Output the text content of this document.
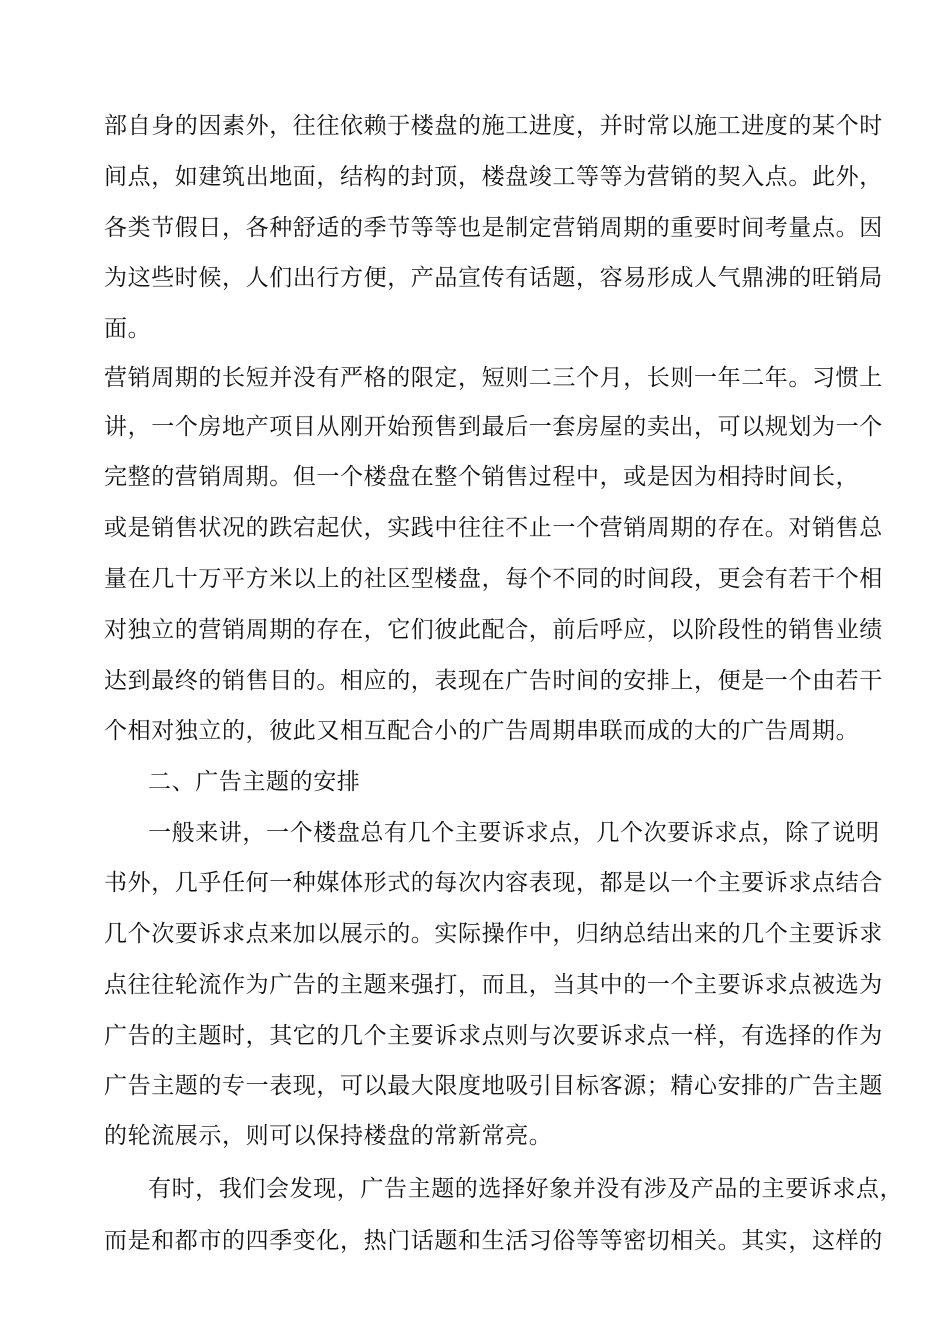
部自身的因素外，往往依赖于楼盘的施工进度，并时常以施工进度的某个时
间点，如建筑出地面，结构的封顶，楼盘竣工等等为营销的契入点。此外，
各类节假日，各种舒适的季节等等也是制定营销周期的重要时间考量点。因
为这些时候，人们出行方便，产品宣传有话题，容易形成人气鼎沸的旺销局
面。
营销周期的长短并没有严格的限定，短则二三个月，长则一年二年。习惯上
讲，一个房地产项目从刚开始预售到最后一套房屋的卖出，可以规划为一个
完整的营销周期。但一个楼盘在整个销售过程中，或是因为相持时间长，
或是销售状况的跌宕起伏，实践中往往不止一个营销周期的存在。对销售总
量在几十万平方米以上的社区型楼盘，每个不同的时间段，更会有若干个相
对独立的营销周期的存在，它们彼此配合，前后呼应，以阶段性的销售业绩
达到最终的销售目的。相应的，表现在广告时间的安排上，便是一个由若干
个相对独立的，彼此又相互配合小的广告周期串联而成的大的广告周期。
二、广告主题的安排
一般来讲，一个楼盘总有几个主要诉求点，几个次要诉求点，除了说明
书外，几乎任何一种媒体形式的每次内容表现，都是以一个主要诉求点结合
几个次要诉求点来加以展示的。实际操作中，归纳总结出来的几个主要诉求
点往往轮流作为广告的主题来强打，而且，当其中的一个主要诉求点被选为
广告的主题时，其它的几个主要诉求点则与次要诉求点一样，有选择的作为
广告主题的专一表现，可以最大限度地吸引目标客源；精心安排的广告主题
的轮流展示，则可以保持楼盘的常新常亮。
有时，我们会发现，广告主题的选择好象并没有涉及产品的主要诉求点，
而是和都市的四季变化，热门话题和生活习俗等等密切相关。其实，这样的
